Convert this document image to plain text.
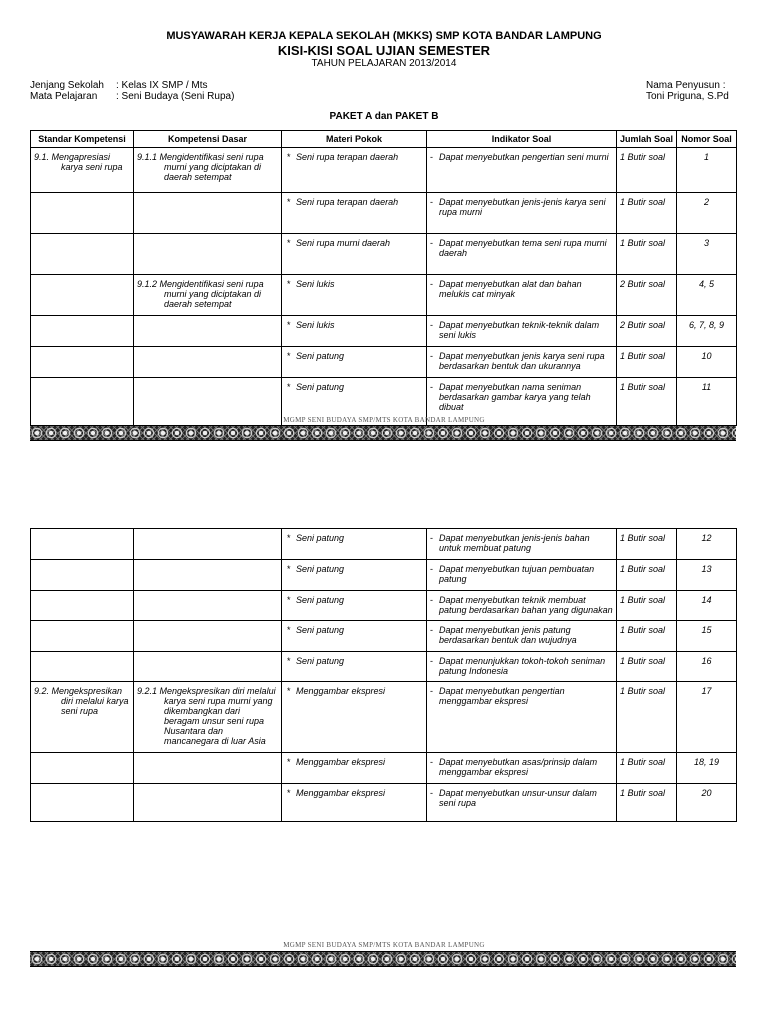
MUSYAWARAH KERJA KEPALA SEKOLAH (MKKS) SMP KOTA BANDAR LAMPUNG
KISI-KISI SOAL UJIAN SEMESTER
TAHUN PELAJARAN 2013/2014
Jenjang Sekolah : Kelas IX SMP / Mts
Mata Pelajaran : Seni Budaya (Seni Rupa)
Nama Penyusun :
Toni Priguna, S.Pd
PAKET A dan PAKET B
Standar Kompetensi	Kompetensi Dasar	Materi Pokok	Indikator Soal	Jumlah Soal	Nomor Soal
9.1. Mengapresiasi karya seni rupa	9.1.1 Mengidentifikasi seni rupa murni yang diciptakan di daerah setempat	* Seni rupa terapan daerah	- Dapat menyebutkan pengertian seni murni	1 Butir soal	1
		* Seni rupa terapan daerah	- Dapat menyebutkan jenis-jenis karya seni rupa murni	1 Butir soal	2
		* Seni rupa murni daerah	- Dapat menyebutkan tema seni rupa murni daerah	1 Butir soal	3
	9.1.2 Mengidentifikasi seni rupa murni yang diciptakan di daerah setempat	* Seni lukis	- Dapat menyebutkan alat dan bahan melukis cat minyak	2 Butir soal	4, 5
		* Seni lukis	- Dapat menyebutkan teknik-teknik dalam seni lukis	2 Butir soal	6, 7, 8, 9
		* Seni patung	- Dapat menyebutkan jenis karya seni rupa berdasarkan bentuk dan ukurannya	1 Butir soal	10
		* Seni patung	- Dapat menyebutkan nama seniman berdasarkan gambar karya yang telah dibuat	1 Butir soal	11
MGMP SENI BUDAYA SMP/MTS KOTA BANDAR LAMPUNG
		* Seni patung	- Dapat menyebutkan jenis-jenis bahan untuk membuat patung	1 Butir soal	12
		* Seni patung	- Dapat menyebutkan tujuan pembuatan patung	1 Butir soal	13
		* Seni patung	- Dapat menyebutkan teknik membuat patung berdasarkan bahan yang digunakan	1 Butir soal	14
		* Seni patung	- Dapat menyebutkan jenis patung berdasarkan bentuk dan wujudnya	1 Butir soal	15
		* Seni patung	- Dapat menunjukkan tokoh-tokoh seniman patung Indonesia	1 Butir soal	16
9.2. Mengekspresikan diri melalui karya seni rupa	9.2.1 Mengekspresikan diri melalui karya seni rupa murni yang dikembangkan dari beragam unsur seni rupa Nusantara dan mancanegara di luar Asia	* Menggambar ekspresi	- Dapat menyebutkan pengertian menggambar ekspresi	1 Butir soal	17
		* Menggambar ekspresi	- Dapat menyebutkan asas/prinsip dalam menggambar ekspresi	1 Butir soal	18, 19
		* Menggambar ekspresi	- Dapat menyebutkan unsur-unsur dalam seni rupa	1 Butir soal	20
MGMP SENI BUDAYA SMP/MTS KOTA BANDAR LAMPUNG
